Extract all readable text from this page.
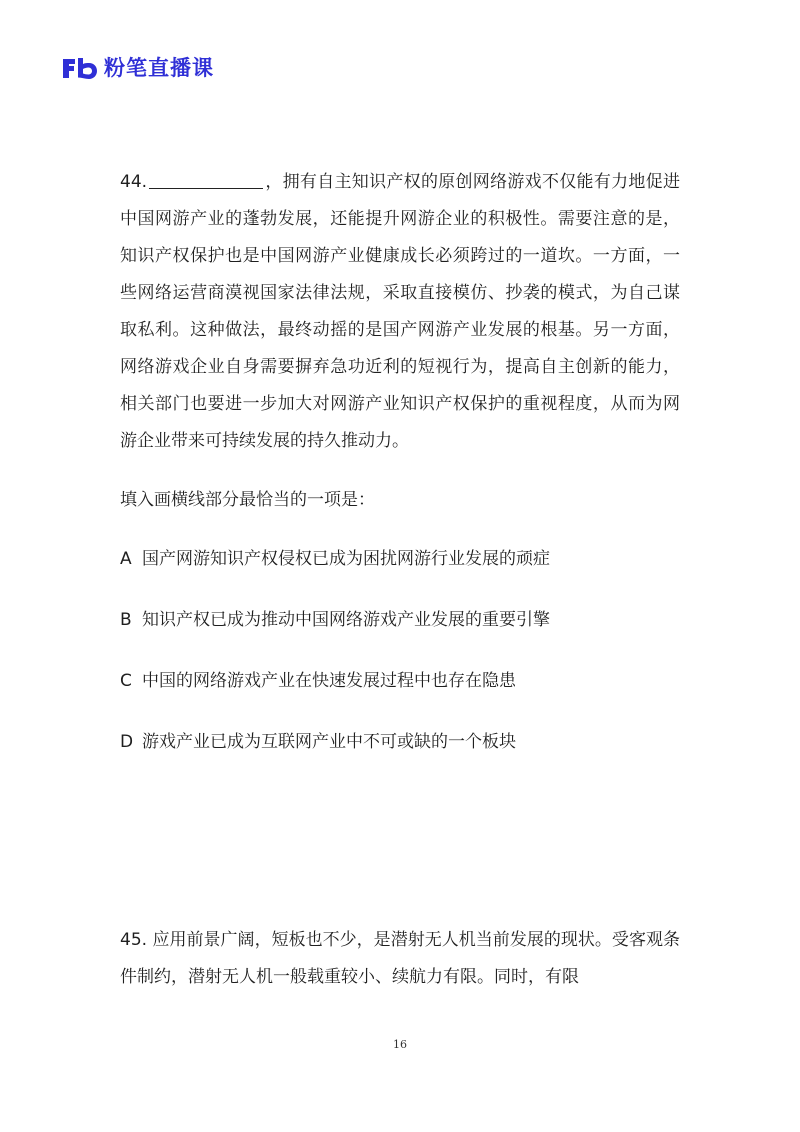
粉笔直播课

44.	，拥有自主知识产权的原创网络游戏不仅能有力地促进中国网游产业的蓬勃发展，还能提升网游企业的积极性。需要注意的是，知识产权保护也是中国网游产业健康成长必须跨过的一道坎。一方面，一些网络运营商漠视国家法律法规，采取直接模仿、抄袭的模式，为自己谋取私利。这种做法，最终动摇的是国产网游产业发展的根基。另一方面，网络游戏企业自身需要摒弃急功近利的短视行为，提高自主创新的能力，相关部门也要进一步加大对网游产业知识产权保护的重视程度，从而为网游企业带来可持续发展的持久推动力。

填入画横线部分最恰当的一项是：

A 国产网游知识产权侵权已成为困扰网游行业发展的顽症
B 知识产权已成为推动中国网络游戏产业发展的重要引擎
C 中国的网络游戏产业在快速发展过程中也存在隐患
D 游戏产业已成为互联网产业中不可或缺的一个板块

45. 应用前景广阔，短板也不少，是潜射无人机当前发展的现状。受客观条件制约，潜射无人机一般载重较小、续航力有限。同时，有限

16
